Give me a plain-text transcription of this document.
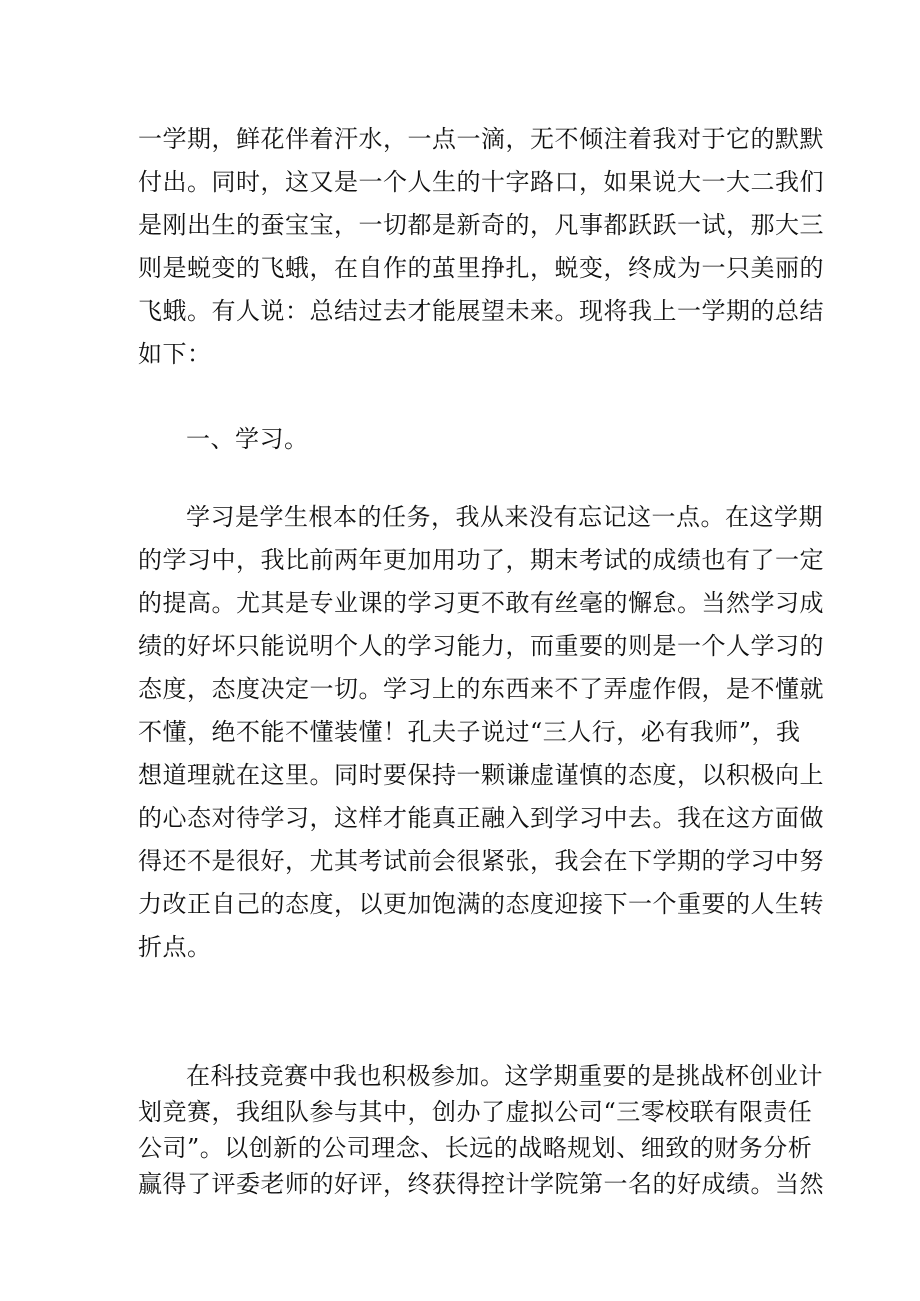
一学期，鲜花伴着汗水，一点一滴，无不倾注着我对于它的默默
付出。同时，这又是一个人生的十字路口，如果说大一大二我们
是刚出生的蚕宝宝，一切都是新奇的，凡事都跃跃一试，那大三
则是蜕变的飞蛾，在自作的茧里挣扎，蜕变，终成为一只美丽的
飞蛾。有人说：总结过去才能展望未来。现将我上一学期的总结
如下：

一、学习。

学习是学生根本的任务，我从来没有忘记这一点。在这学期
的学习中，我比前两年更加用功了，期末考试的成绩也有了一定
的提高。尤其是专业课的学习更不敢有丝毫的懈怠。当然学习成
绩的好坏只能说明个人的学习能力，而重要的则是一个人学习的
态度，态度决定一切。学习上的东西来不了弄虚作假，是不懂就
不懂，绝不能不懂装懂！孔夫子说过“三人行，必有我师”，我
想道理就在这里。同时要保持一颗谦虚谨慎的态度，以积极向上
的心态对待学习，这样才能真正融入到学习中去。我在这方面做
得还不是很好，尤其考试前会很紧张，我会在下学期的学习中努
力改正自己的态度，以更加饱满的态度迎接下一个重要的人生转
折点。

在科技竞赛中我也积极参加。这学期重要的是挑战杯创业计
划竞赛，我组队参与其中，创办了虚拟公司“三零校联有限责任
公司”。以创新的公司理念、长远的战略规划、细致的财务分析
赢得了评委老师的好评，终获得控计学院第一名的好成绩。当然
